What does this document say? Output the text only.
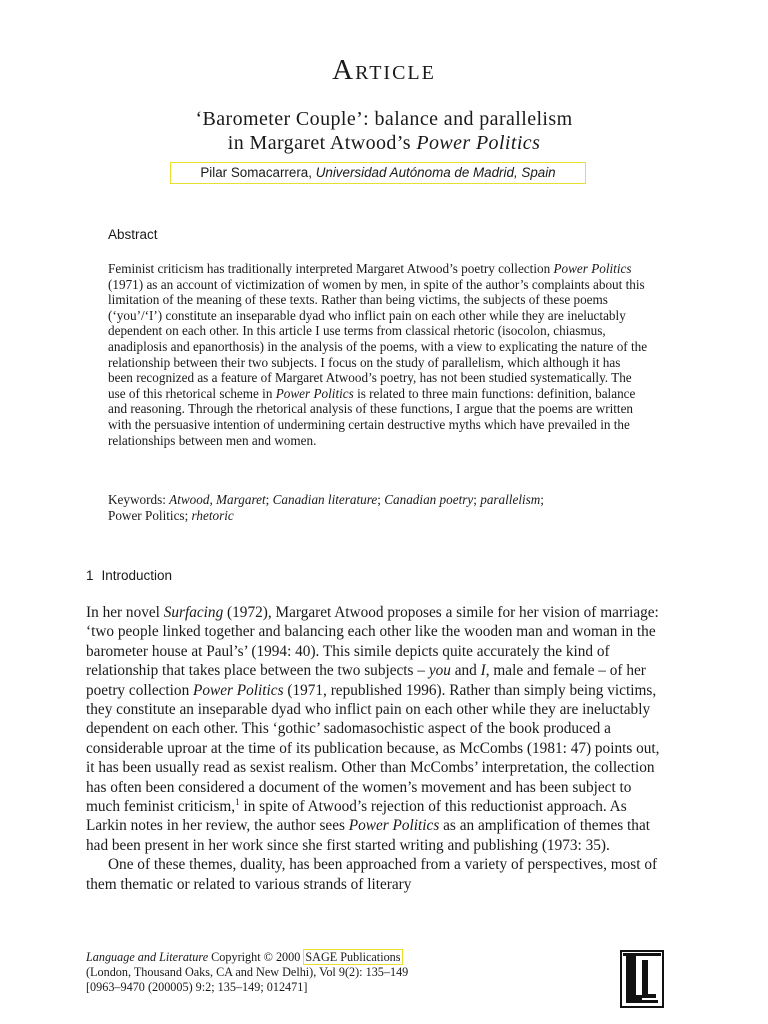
Article
‘Barometer Couple’: balance and parallelism
in Margaret Atwood’s Power Politics
Pilar Somacarrera, Universidad Autónoma de Madrid, Spain
Abstract

Feminist criticism has traditionally interpreted Margaret Atwood’s poetry collection Power Politics (1971) as an account of victimization of women by men, in spite of the author’s complaints about this limitation of the meaning of these texts. Rather than being victims, the subjects of these poems (‘you’/‘I’) constitute an inseparable dyad who inflict pain on each other while they are ineluctably dependent on each other. In this article I use terms from classical rhetoric (isocolon, chiasmus, anadiplosis and epanorthosis) in the analysis of the poems, with a view to explicating the nature of the relationship between their two subjects. I focus on the study of parallelism, which although it has been recognized as a feature of Margaret Atwood’s poetry, has not been studied systematically. The use of this rhetorical scheme in Power Politics is related to three main functions: definition, balance and reasoning. Through the rhetorical analysis of these functions, I argue that the poems are written with the persuasive intention of undermining certain destructive myths which have prevailed in the relationships between men and women.

Keywords: Atwood, Margaret; Canadian literature; Canadian poetry; parallelism;
Power Politics; rhetoric

1 Introduction

In her novel Surfacing (1972), Margaret Atwood proposes a simile for her vision of marriage: ‘two people linked together and balancing each other like the wooden man and woman in the barometer house at Paul’s’ (1994: 40). This simile depicts quite accurately the kind of relationship that takes place between the two subjects – you and I, male and female – of her poetry collection Power Politics (1971, republished 1996). Rather than simply being victims, they constitute an inseparable dyad who inflict pain on each other while they are ineluctably dependent on each other. This ‘gothic’ sadomasochistic aspect of the book produced a considerable uproar at the time of its publication because, as McCombs (1981: 47) points out, it has been usually read as sexist realism. Other than McCombs’ interpretation, the collection has often been considered a document of the women’s movement and has been subject to much feminist criticism,$^1$ in spite of Atwood’s rejection of this reductionist approach. As Larkin notes in her review, the author sees Power Politics as an amplification of themes that had been present in her work since she first started writing and publishing (1973: 35).

One of these themes, duality, has been approached from a variety of perspectives, most of them thematic or related to various strands of literary

Language and Literature Copyright © 2000 SAGE Publications
(London, Thousand Oaks, CA and New Delhi), Vol 9(2): 135–149
[0963–9470 (200005) 9:2; 135–149; 012471]
